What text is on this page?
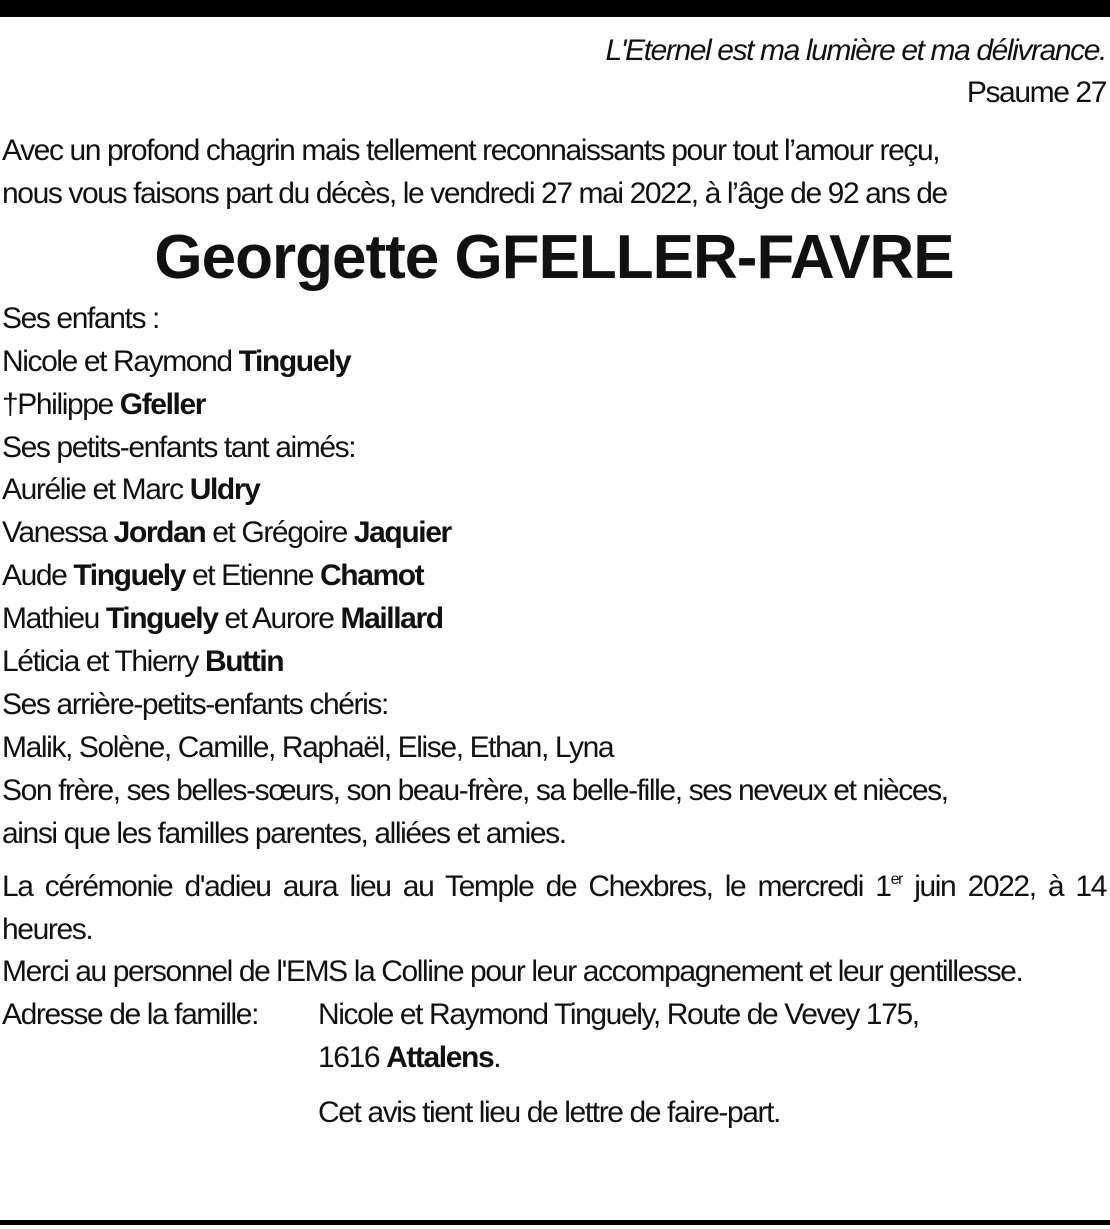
L'Eternel est ma lumière et ma délivrance.
Psaume 27
Avec un profond chagrin mais tellement reconnaissants pour tout l’amour reçu,
nous vous faisons part du décès, le vendredi 27 mai 2022, à l’âge de 92 ans de
Georgette GFELLER-FAVRE
Ses enfants :
Nicole et Raymond Tinguely
†Philippe Gfeller
Ses petits-enfants tant aimés:
Aurélie et Marc Uldry
Vanessa Jordan et Grégoire Jaquier
Aude Tinguely et Etienne Chamot
Mathieu Tinguely et Aurore Maillard
Léticia et Thierry Buttin
Ses arrière-petits-enfants chéris:
Malik, Solène, Camille, Raphaël, Elise, Ethan, Lyna
Son frère, ses belles-sœurs, son beau-frère, sa belle-fille, ses neveux et nièces,
ainsi que les familles parentes, alliées et amies.
La cérémonie d'adieu aura lieu au Temple de Chexbres, le mercredi 1er juin 2022, à 14 heures.
Merci au personnel de l'EMS la Colline pour leur accompagnement et leur gentillesse.
Adresse de la famille:	Nicole et Raymond Tinguely, Route de Vevey 175,
1616 Attalens.
Cet avis tient lieu de lettre de faire-part.
